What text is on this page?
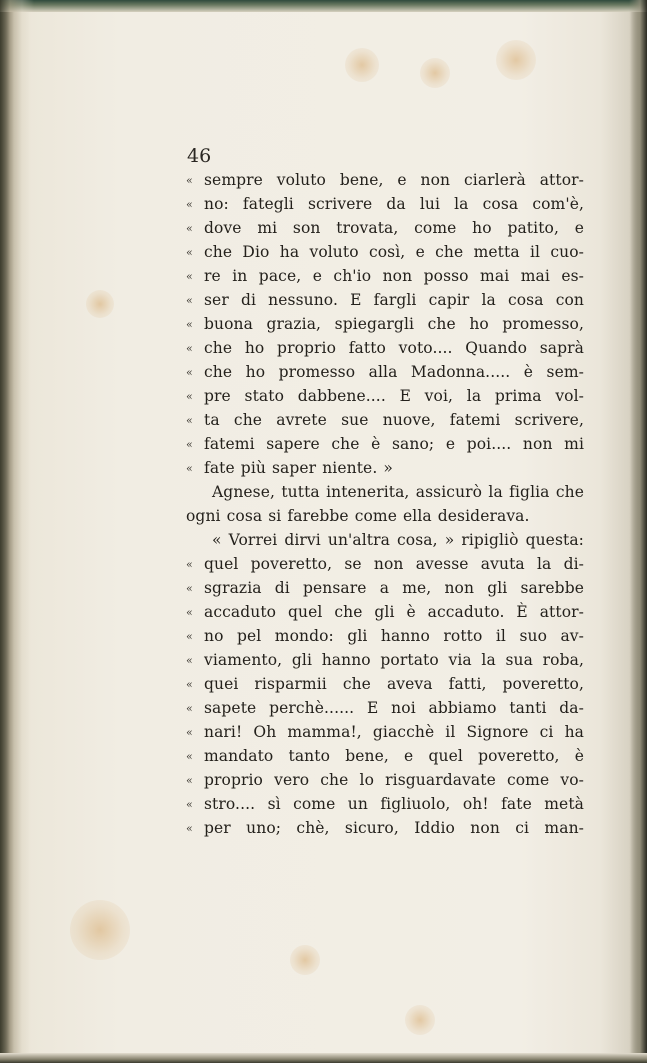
46
« sempre voluto bene, e non ciarlerà attor-
« no: fategli scrivere da lui la cosa com'è,
« dove mi son trovata, come ho patito, e
« che Dio ha voluto così, e che metta il cuo-
« re in pace, e ch'io non posso mai mai es-
« ser di nessuno. E fargli capir la cosa con
« buona grazia, spiegargli che ho promesso,
« che ho proprio fatto voto.... Quando saprà
« che ho promesso alla Madonna..... è sem-
« pre stato dabbene.... E voi, la prima vol-
« ta che avrete sue nuove, fatemi scrivere,
« fatemi sapere che è sano; e poi.... non mi
« fate più saper niente. »
Agnese, tutta intenerita, assicurò la figlia che
ogni cosa si farebbe come ella desiderava.
« Vorrei dirvi un'altra cosa, » ripigliò questa:
« quel poveretto, se non avesse avuta la di-
« sgrazia di pensare a me, non gli sarebbe
« accaduto quel che gli è accaduto. È attor-
« no pel mondo: gli hanno rotto il suo av-
« viamento, gli hanno portato via la sua roba,
« quei risparmii che aveva fatti, poveretto,
« sapete perchè...... E noi abbiamo tanti da-
« nari! Oh mamma!, giacchè il Signore ci ha
« mandato tanto bene, e quel poveretto, è
« proprio vero che lo risguardavate come vo-
« stro.... sì come un figliuolo, oh! fate metà
« per uno; chè, sicuro, Iddio non ci man-
